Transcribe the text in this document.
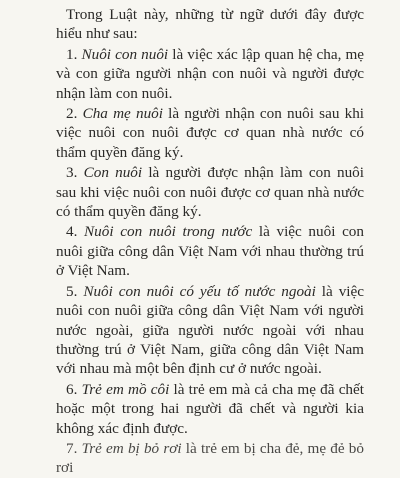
Trong Luật này, những từ ngữ dưới đây được hiểu như sau:

1. Nuôi con nuôi là việc xác lập quan hệ cha, mẹ và con giữa người nhận con nuôi và người được nhận làm con nuôi.

2. Cha mẹ nuôi là người nhận con nuôi sau khi việc nuôi con nuôi được cơ quan nhà nước có thẩm quyền đăng ký.

3. Con nuôi là người được nhận làm con nuôi sau khi việc nuôi con nuôi được cơ quan nhà nước có thẩm quyền đăng ký.

4. Nuôi con nuôi trong nước là việc nuôi con nuôi giữa công dân Việt Nam với nhau thường trú ở Việt Nam.

5. Nuôi con nuôi có yếu tố nước ngoài là việc nuôi con nuôi giữa công dân Việt Nam với người nước ngoài, giữa người nước ngoài với nhau thường trú ở Việt Nam, giữa công dân Việt Nam với nhau mà một bên định cư ở nước ngoài.

6. Trẻ em mồ côi là trẻ em mà cả cha mẹ đã chết hoặc một trong hai người đã chết và người kia không xác định được.

7. Trẻ em bị bỏ rơi là trẻ em bị cha đẻ, mẹ đẻ bỏ rơi
